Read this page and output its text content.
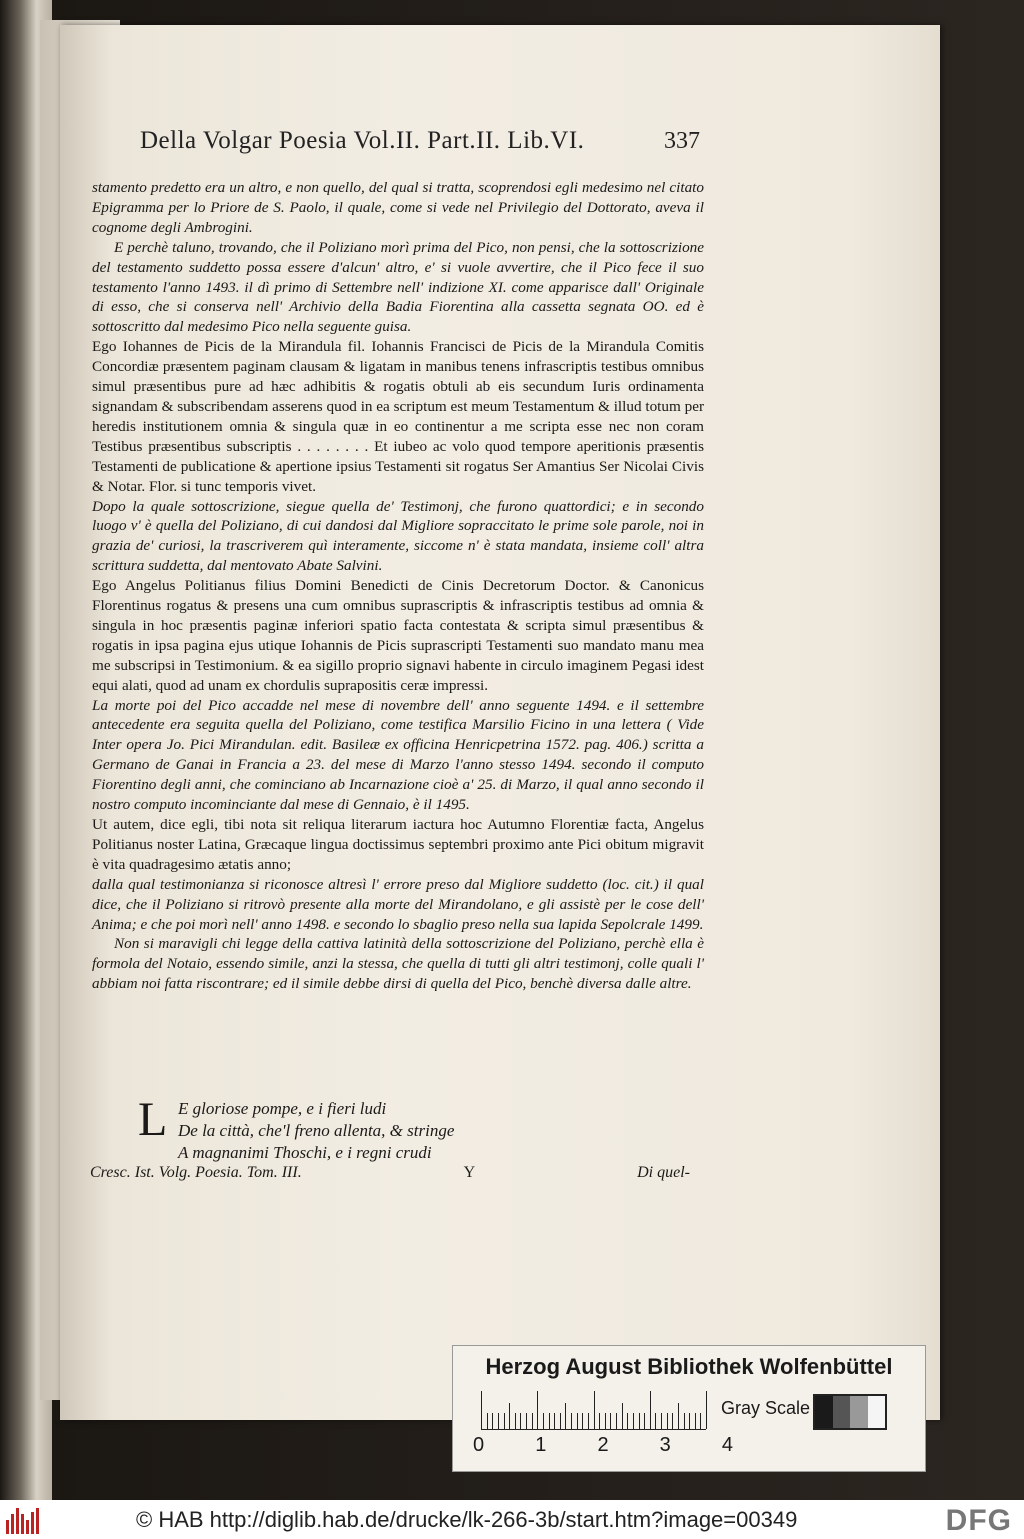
Della Volgar Poesia Vol.II. Part.II. Lib.VI.	337

stamento predetto era un altro, e non quello, del qual si tratta, scoprendosi egli medesimo nel citato Epigramma per lo Priore de S. Paolo, il quale, come si vede nel Privilegio del Dottorato, aveva il cognome degli Ambrogini.

E perchè taluno, trovando, che il Poliziano morì prima del Pico, non pensi, che la sottoscrizione del testamento suddetto possa essere d'alcun' altro, e' si vuole avvertire, che il Pico fece il suo testamento l'anno 1493. il dì primo di Settembre nell' indizione XI. come apparisce dall' Originale di esso, che si conserva nell' Archivio della Badia Fiorentina alla cassetta segnata OO. ed è sottoscritto dal medesimo Pico nella seguente guisa.

Ego Iohannes de Picis de la Mirandula fil. Iohannis Francisci de Picis de la Mirandula Comitis Concordiæ præsentem paginam clausam & ligatam in manibus tenens infrascriptis testibus omnibus simul præsentibus pure ad hæc adhibitis & rogatis obtuli ab eis secundum Iuris ordinamenta signandam & subscribendam asserens quod in ea scriptum est meum Testamentum & illud totum per heredis institutionem omnia & singula quæ in eo continentur a me scripta esse nec non coram Testibus præsentibus subscriptis . . . . . . . . Et iubeo ac volo quod tempore aperitionis præsentis Testamenti de publicatione & apertione ipsius Testamenti sit rogatus Ser Amantius Ser Nicolai Civis & Notar. Flor. si tunc temporis vivet.

Dopo la quale sottoscrizione, siegue quella de' Testimonj, che furono quattordici; e in secondo luogo v' è quella del Poliziano, di cui dandosi dal Migliore sopraccitato le prime sole parole, noi in grazia de' curiosi, la trascriverem quì interamente, siccome n' è stata mandata, insieme coll' altra scrittura suddetta, dal mentovato Abate Salvini.

Ego Angelus Politianus filius Domini Benedicti de Cinis Decretorum Doctor. & Canonicus Florentinus rogatus & presens una cum omnibus suprascriptis & infrascriptis testibus ad omnia & singula in hoc præsentis paginæ inferiori spatio facta contestata & scripta simul præsentibus & rogatis in ipsa pagina ejus utique Iohannis de Picis suprascripti Testamenti suo mandato manu mea me subscripsi in Testimonium. & ea sigillo proprio signavi habente in circulo imaginem Pegasi idest equi alati, quod ad unam ex chordulis suprapositis ceræ impressi.

La morte poi del Pico accadde nel mese di novembre dell' anno seguente 1494. e il settembre antecedente era seguita quella del Poliziano, come testifica Marsilio Ficino in una lettera ( Vide Inter opera Jo. Pici Mirandulan. edit. Basileæ ex officina Henricpetrina 1572. pag. 406.) scritta a Germano de Ganai in Francia a 23. del mese di Marzo l'anno stesso 1494. secondo il computo Fiorentino degli anni, che cominciano ab Incarnazione cioè a' 25. di Marzo, il qual anno secondo il nostro computo incominciante dal mese di Gennaio, è il 1495.

Ut autem, dice egli, tibi nota sit reliqua literarum iactura hoc Autumno Florentiæ facta, Angelus Politianus noster Latina, Græcaque lingua doctissimus septembri proximo ante Pici obitum migravit è vita quadragesimo ætatis anno;

dalla qual testimonianza si riconosce altresì l' errore preso dal Migliore suddetto (loc. cit.) il qual dice, che il Poliziano si ritrovò presente alla morte del Mirandolano, e gli assistè per le cose dell' Anima; e che poi morì nell' anno 1498. e secondo lo sbaglio preso nella sua lapida Sepolcrale 1499.

Non si maravigli chi legge della cattiva latinità della sottoscrizione del Poliziano, perchè ella è formola del Notaio, essendo simile, anzi la stessa, che quella di tutti gli altri testimonj, colle quali l' abbiam noi fatta riscontrare; ed il simile debbe dirsi di quella del Pico, benchè diversa dalle altre.

L E gloriose pompe, e i fieri ludi
De la città, che'l freno allenta, & stringe
A magnanimi Thoschi, e i regni crudi
Cresc. Ist. Volg. Poesia. Tom. III.	Y	Di quel-
Herzog August Bibliothek Wolfenbüttel
0	1	2	3	4
Gray Scale
© HAB http://diglib.hab.de/drucke/lk-266-3b/start.htm?image=00349	DFG
